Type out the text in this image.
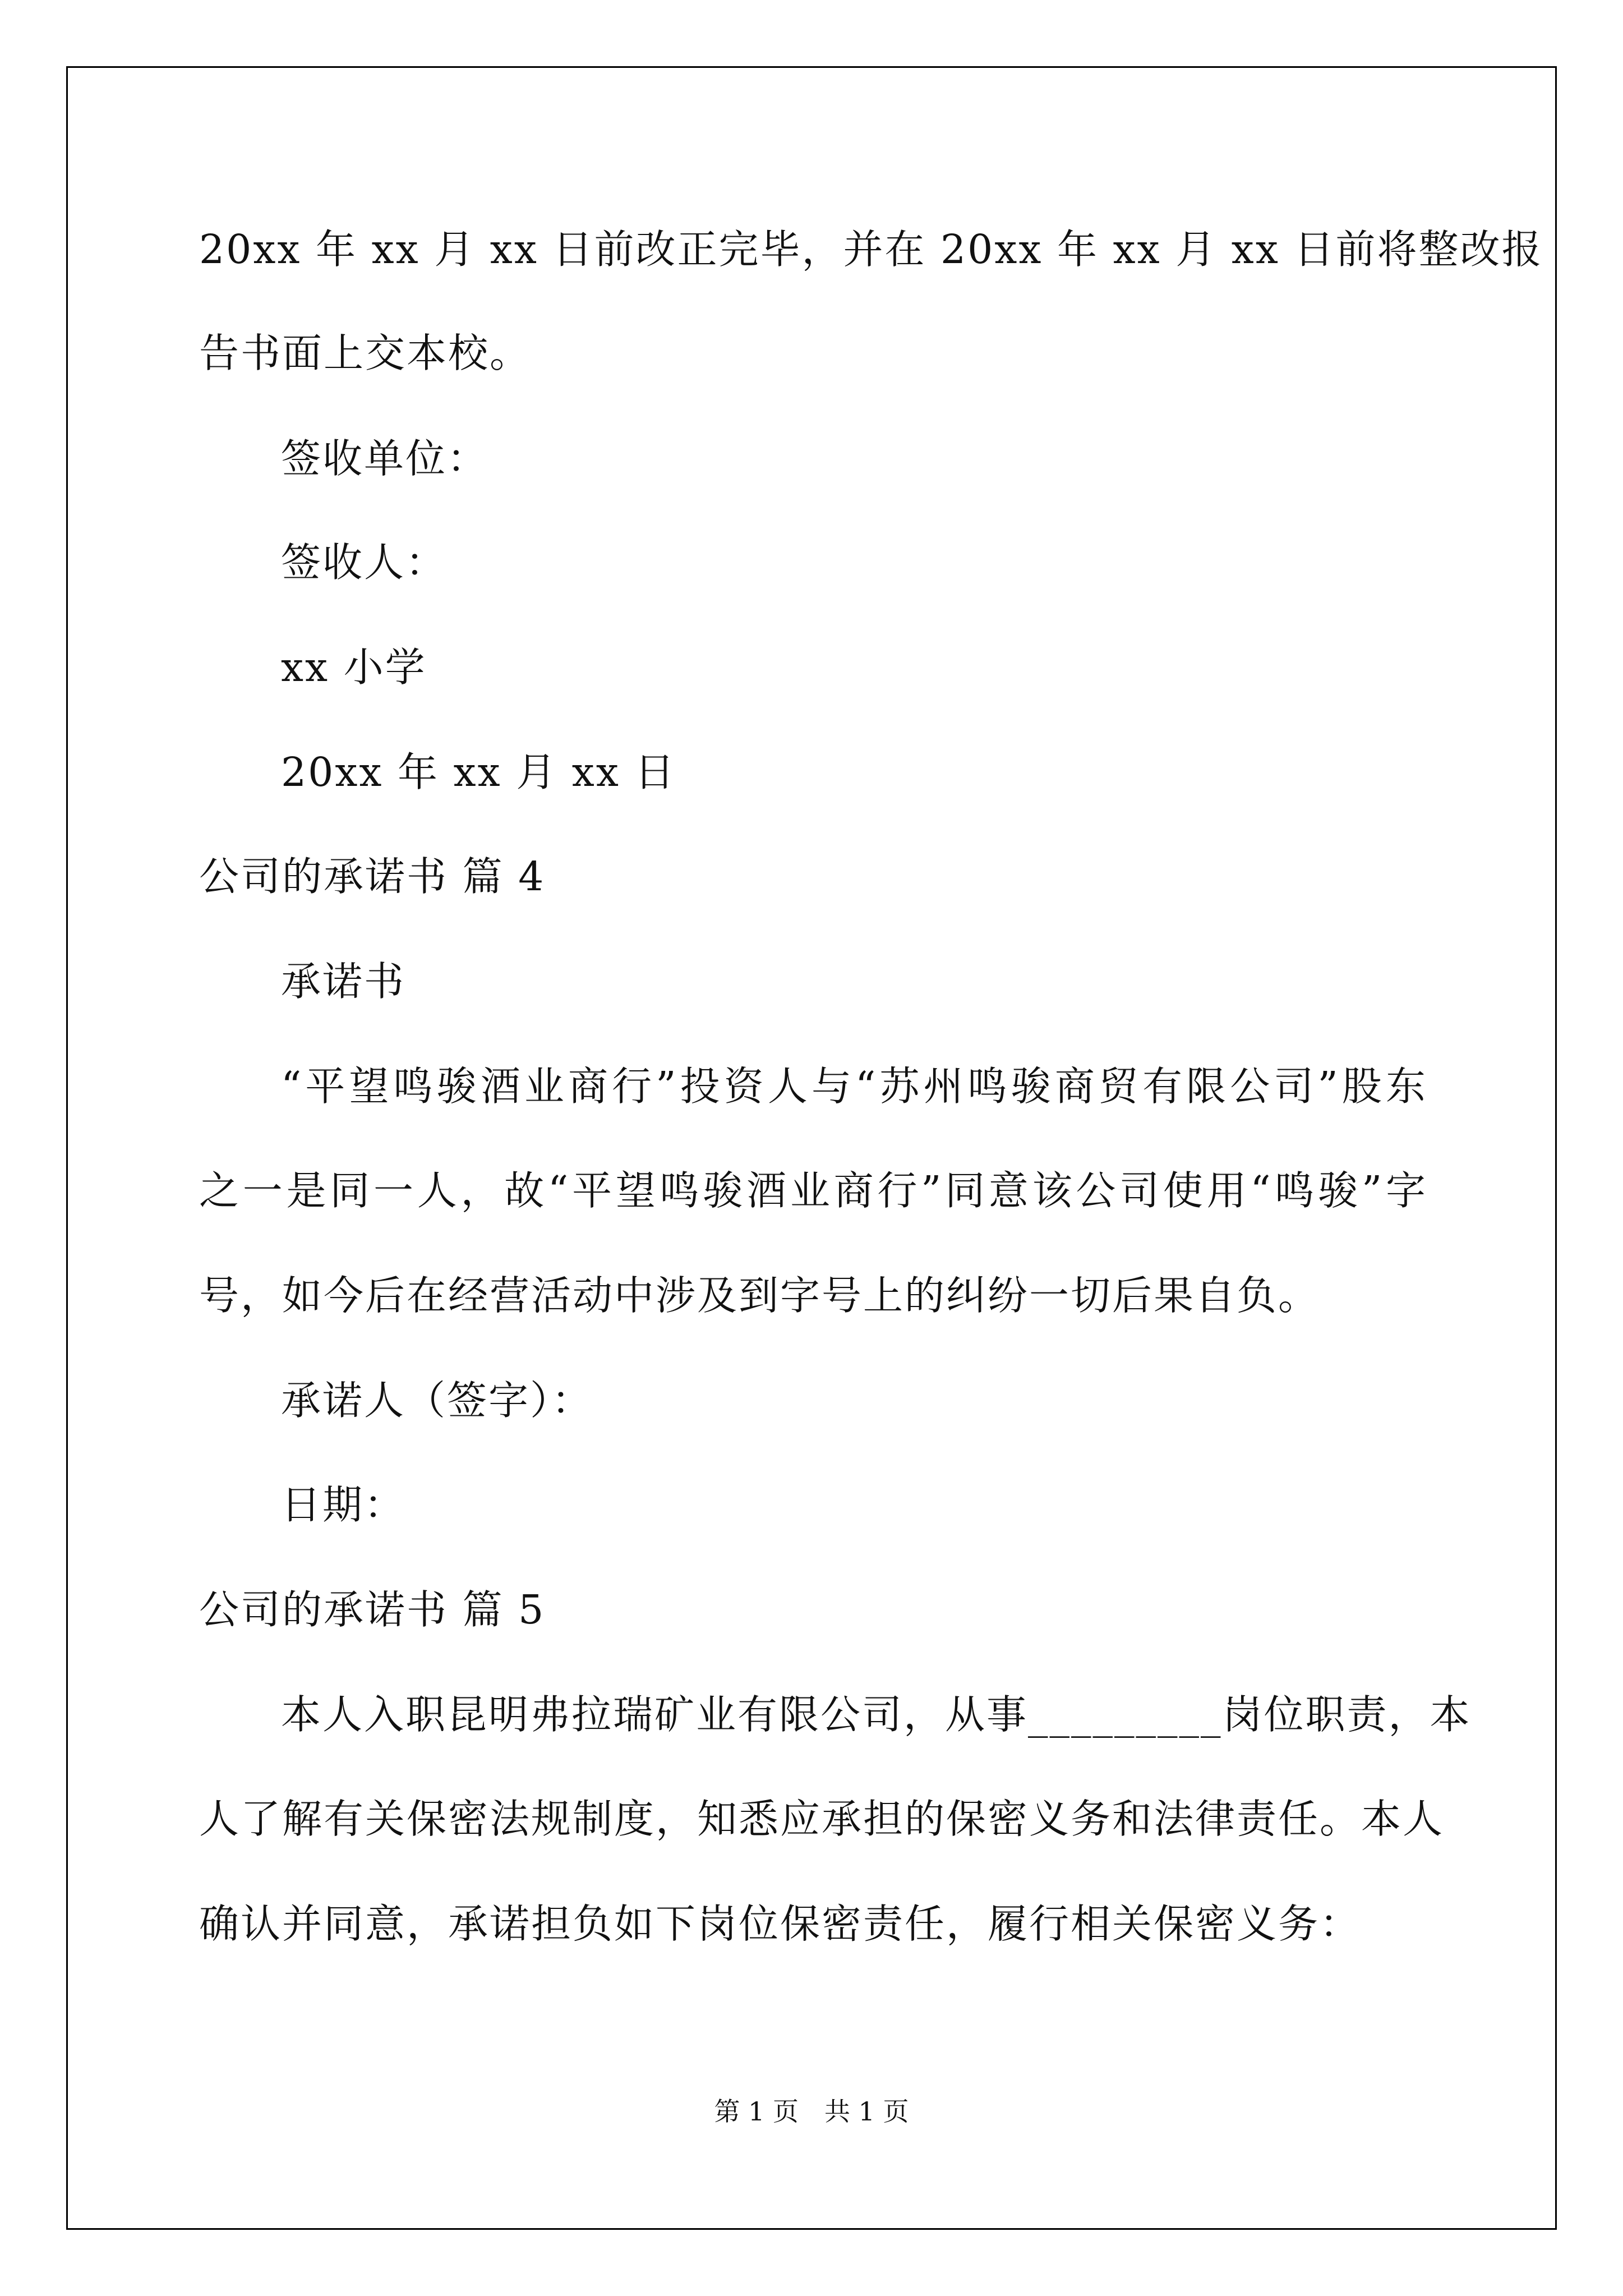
20xx 年 xx 月 xx 日前改正完毕，并在 20xx 年 xx 月 xx 日前将整改报
告书面上交本校。
签收单位：
签收人：
xx 小学
20xx 年 xx 月 xx 日
公司的承诺书 篇 4
承诺书
“平望鸣骏酒业商行”投资人与“苏州鸣骏商贸有限公司”股东
之一是同一人，故“平望鸣骏酒业商行”同意该公司使用“鸣骏”字
号，如今后在经营活动中涉及到字号上的纠纷一切后果自负。
承诺人（签字）：
日期：
公司的承诺书 篇 5
本人入职昆明弗拉瑞矿业有限公司，从事_________岗位职责，本
人了解有关保密法规制度，知悉应承担的保密义务和法律责任。本人
确认并同意，承诺担负如下岗位保密责任，履行相关保密义务：
第 1 页　共 1 页
